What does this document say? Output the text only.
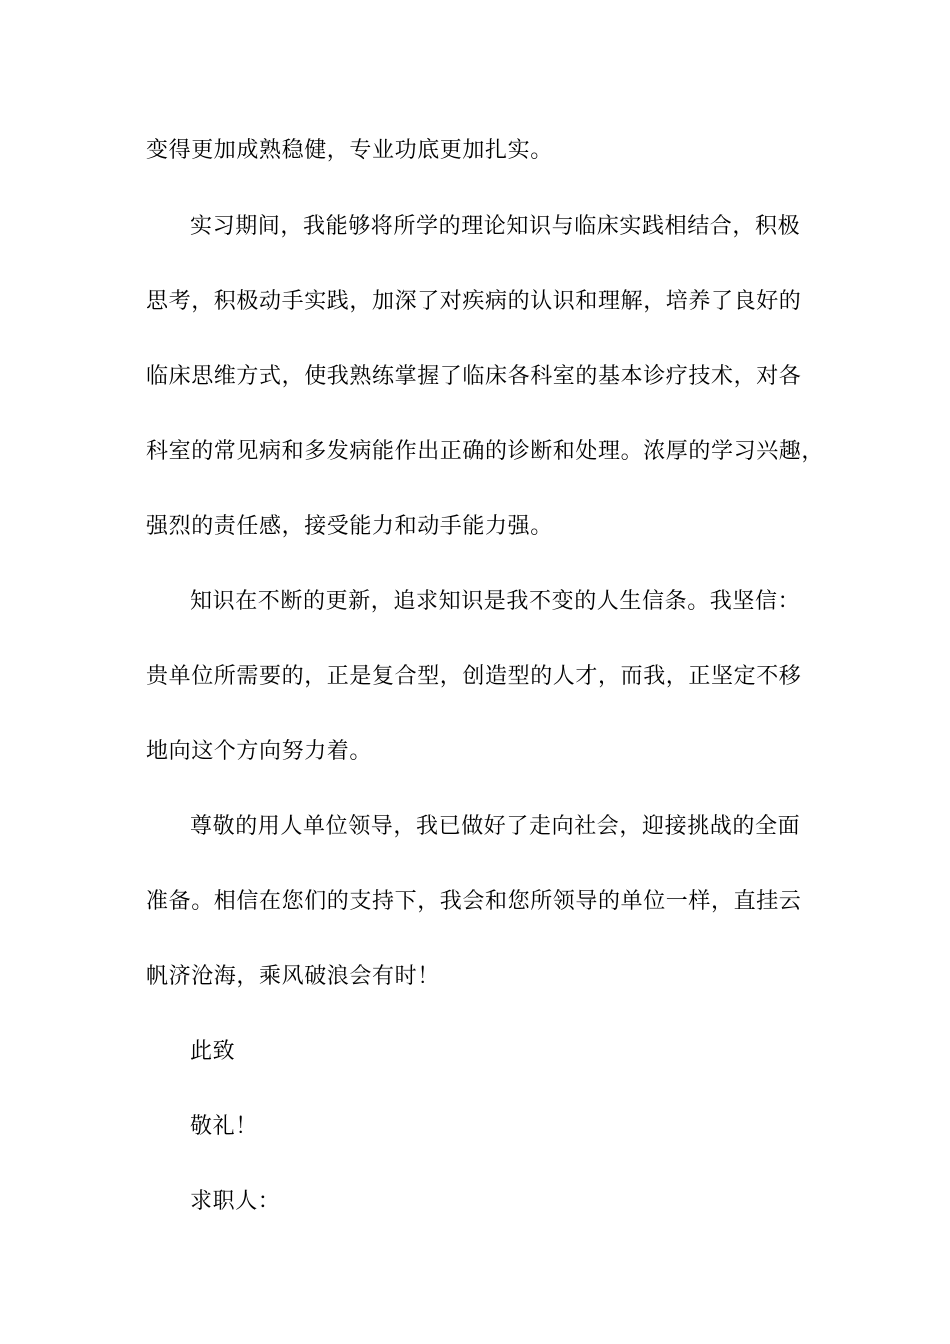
变得更加成熟稳健，专业功底更加扎实。
实习期间，我能够将所学的理论知识与临床实践相结合，积极
思考，积极动手实践，加深了对疾病的认识和理解，培养了良好的
临床思维方式，使我熟练掌握了临床各科室的基本诊疗技术，对各
科室的常见病和多发病能作出正确的诊断和处理。浓厚的学习兴趣，
强烈的责任感，接受能力和动手能力强。
知识在不断的更新，追求知识是我不变的人生信条。我坚信：
贵单位所需要的，正是复合型，创造型的人才，而我，正坚定不移
地向这个方向努力着。
尊敬的用人单位领导，我已做好了走向社会，迎接挑战的全面
准备。相信在您们的支持下，我会和您所领导的单位一样，直挂云
帆济沧海，乘风破浪会有时！
此致
敬礼！
求职人：
